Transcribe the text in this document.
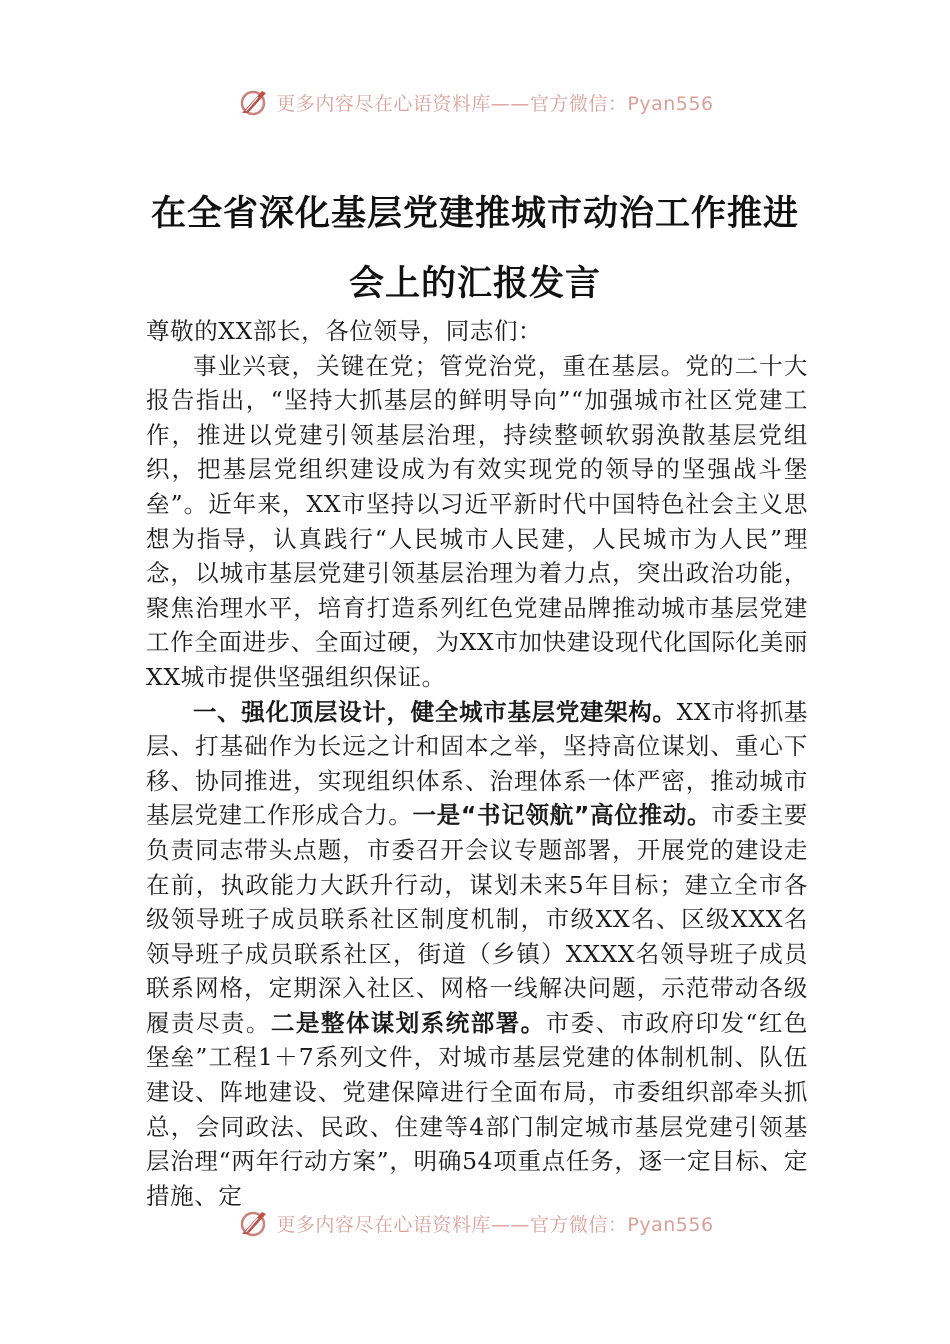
更多内容尽在心语资料库——官方微信：Pyan556
在全省深化基层党建推城市动治工作推进
会上的汇报发言

尊敬的XX部长，各位领导，同志们：

事业兴衰，关键在党；管党治党，重在基层。党的二十大报告指出，“坚持大抓基层的鲜明导向”“加强城市社区党建工作，推进以党建引领基层治理，持续整顿软弱涣散基层党组织，把基层党组织建设成为有效实现党的领导的坚强战斗堡垒”。近年来，XX市坚持以习近平新时代中国特色社会主义思想为指导，认真践行“人民城市人民建，人民城市为人民”理念，以城市基层党建引领基层治理为着力点，突出政治功能，聚焦治理水平，培育打造系列红色党建品牌推动城市基层党建工作全面进步、全面过硬，为XX市加快建设现代化国际化美丽XX城市提供坚强组织保证。

一、强化顶层设计，健全城市基层党建架构。XX市将抓基层、打基础作为长远之计和固本之举，坚持高位谋划、重心下移、协同推进，实现组织体系、治理体系一体严密，推动城市基层党建工作形成合力。一是“书记领航”高位推动。市委主要负责同志带头点题，市委召开会议专题部署，开展党的建设走在前，执政能力大跃升行动，谋划未来5年目标；建立全市各级领导班子成员联系社区制度机制，市级XX名、区级XXX名领导班子成员联系社区，街道（乡镇）XXXX名领导班子成员联系网格，定期深入社区、网格一线解决问题，示范带动各级履责尽责。二是整体谋划系统部署。市委、市政府印发“红色堡垒”工程1＋7系列文件，对城市基层党建的体制机制、队伍建设、阵地建设、党建保障进行全面布局，市委组织部牵头抓总，会同政法、民政、住建等4部门制定城市基层党建引领基层治理“两年行动方案”，明确54项重点任务，逐一定目标、定措施、定

更多内容尽在心语资料库——官方微信：Pyan556
